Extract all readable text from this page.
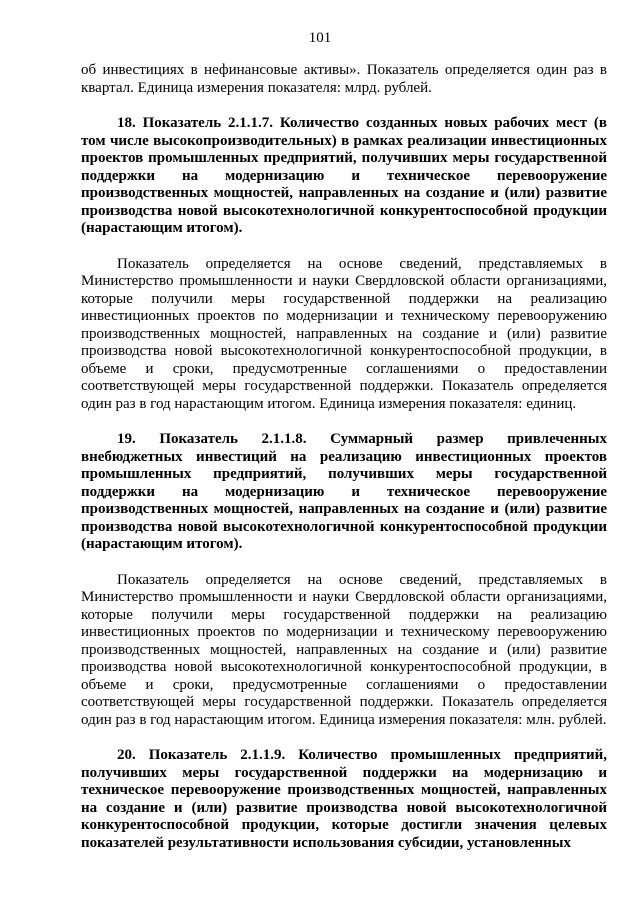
101

об инвестициях в нефинансовые активы». Показатель определяется один раз в квартал. Единица измерения показателя: млрд. рублей.

18. Показатель 2.1.1.7. Количество созданных новых рабочих мест (в том числе высокопроизводительных) в рамках реализации инвестиционных проектов промышленных предприятий, получивших меры государственной поддержки на модернизацию и техническое перевооружение производственных мощностей, направленных на создание и (или) развитие производства новой высокотехнологичной конкурентоспособной продукции (нарастающим итогом).

Показатель определяется на основе сведений, представляемых в Министерство промышленности и науки Свердловской области организациями, которые получили меры государственной поддержки на реализацию инвестиционных проектов по модернизации и техническому перевооружению производственных мощностей, направленных на создание и (или) развитие производства новой высокотехнологичной конкурентоспособной продукции, в объеме и сроки, предусмотренные соглашениями о предоставлении соответствующей меры государственной поддержки. Показатель определяется один раз в год нарастающим итогом. Единица измерения показателя: единиц.

19. Показатель 2.1.1.8. Суммарный размер привлеченных внебюджетных инвестиций на реализацию инвестиционных проектов промышленных предприятий, получивших меры государственной поддержки на модернизацию и техническое перевооружение производственных мощностей, направленных на создание и (или) развитие производства новой высокотехнологичной конкурентоспособной продукции (нарастающим итогом).

Показатель определяется на основе сведений, представляемых в Министерство промышленности и науки Свердловской области организациями, которые получили меры государственной поддержки на реализацию инвестиционных проектов по модернизации и техническому перевооружению производственных мощностей, направленных на создание и (или) развитие производства новой высокотехнологичной конкурентоспособной продукции, в объеме и сроки, предусмотренные соглашениями о предоставлении соответствующей меры государственной поддержки. Показатель определяется один раз в год нарастающим итогом. Единица измерения показателя: млн. рублей.

20. Показатель 2.1.1.9. Количество промышленных предприятий, получивших меры государственной поддержки на модернизацию и техническое перевооружение производственных мощностей, направленных на создание и (или) развитие производства новой высокотехнологичной конкурентоспособной продукции, которые достигли значения целевых показателей результативности использования субсидии, установленных
